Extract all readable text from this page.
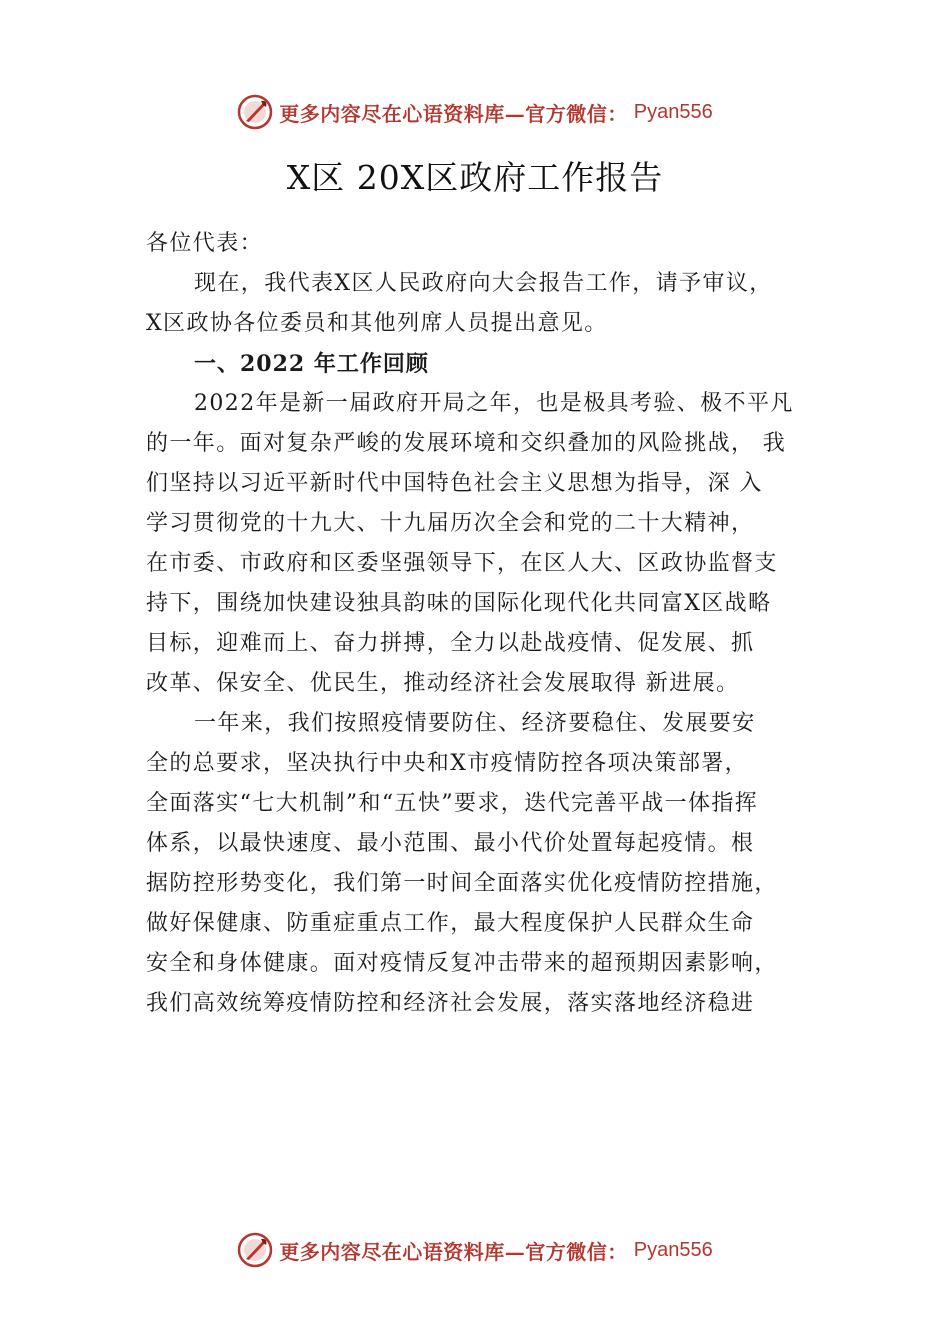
更多内容尽在心语资料库—官方微信： Pyan556
X区 20X区政府工作报告
各位代表：
现在，我代表X区人民政府向大会报告工作，请予审议，
X区政协各位委员和其他列席人员提出意见。
一、2022 年工作回顾
2022年是新一届政府开局之年，也是极具考验、极不平凡
的一年。面对复杂严峻的发展环境和交织叠加的风险挑战， 我
们坚持以习近平新时代中国特色社会主义思想为指导，深 入
学习贯彻党的十九大、十九届历次全会和党的二十大精神，
在市委、市政府和区委坚强领导下，在区人大、区政协监督支
持下，围绕加快建设独具韵味的国际化现代化共同富X区战略
目标，迎难而上、奋力拼搏，全力以赴战疫情、促发展、抓
改革、保安全、优民生，推动经济社会发展取得 新进展。
一年来，我们按照疫情要防住、经济要稳住、发展要安
全的总要求，坚决执行中央和X市疫情防控各项决策部署，
全面落实“七大机制”和“五快”要求，迭代完善平战一体指挥
体系，以最快速度、最小范围、最小代价处置每起疫情。根
据防控形势变化，我们第一时间全面落实优化疫情防控措施，
做好保健康、防重症重点工作，最大程度保护人民群众生命
安全和身体健康。面对疫情反复冲击带来的超预期因素影响，
我们高效统筹疫情防控和经济社会发展，落实落地经济稳进
更多内容尽在心语资料库—官方微信： Pyan556
